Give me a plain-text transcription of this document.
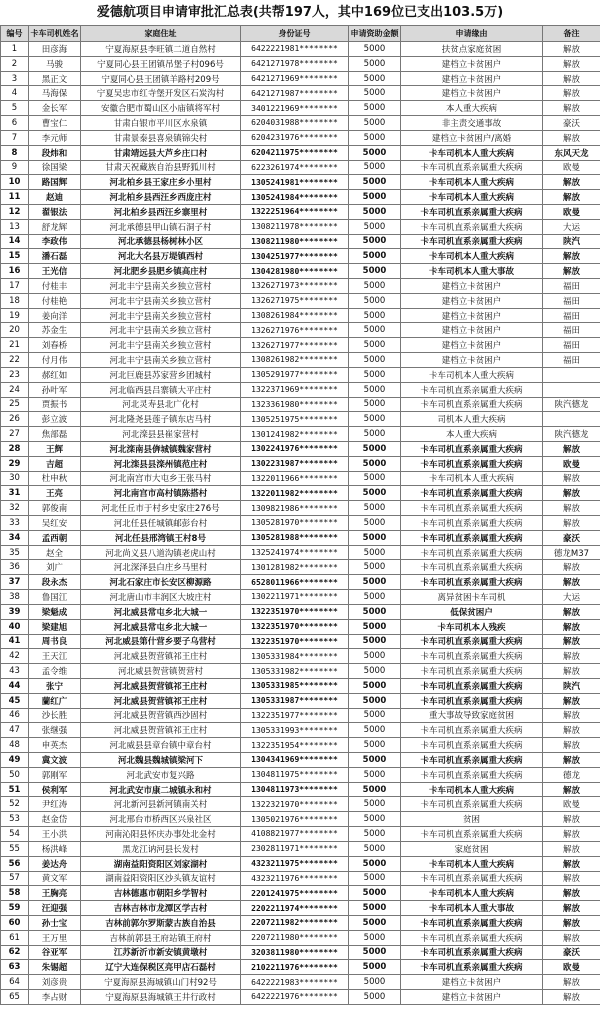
爱德航项目申请审批汇总表(共帮197人，其中169位已支出103.5万)
编号	卡车司机姓名	家庭住址	身份证号	申请资助金额	申请缘由	备注
1	田彦海	宁夏海原县李旺镇二道自然村	6422221981********	5000	扶贫点家庭贫困	解放
2	马骏	宁夏同心县王团镇吊堡子村096号	6421271978********	5000	建档立卡贫困户	解放
3	黑正文	宁夏同心县王团镇羊路村209号	6421271969********	5000	建档立卡贫困户	解放
4	马海保	宁夏吴忠市红寺堡开发区石炭沟村	6421271987********	5000	建档立卡贫困户	解放
5	金长军	安徽合肥市蜀山区小庙镇将军村	3401221969********	5000	本人重大疾病	解放
6	曹宝仁	甘肃白银市平川区水泉镇	6204031988********	5000	非主责交通事故	豪沃
7	李元师	甘肃景泰县喜泉镇锦尖村	6204231976********	5000	建档立卡贫困户/离婚	解放
8	段炜和	甘肃靖远县大芦乡庄口村	6204211975********	5000	卡车司机本人重大疾病	东风天龙
9	徐国梁	甘肃天祝藏族自治县野狐川村	6223261974********	5000	卡车司机直系亲属重大疾病	欧曼
10	路国辉	河北柏乡县王家庄乡小里村	1305241981********	5000	卡车司机本人重大疾病	解放
11	赵迪	河北柏乡县西汪乡西庞庄村	1305241984********	5000	卡车司机本人重大疾病	解放
12	翟银法	河北柏乡县西汪乡寨里村	1322251964********	5000	卡车司机直系亲属重大疾病	欧曼
13	舒龙辉	河北承德县甲山镇石洞子村	1308211978********	5000	卡车司机直系亲属重大疾病	大运
14	李政伟	河北承德县杨树林小区	1308211980********	5000	卡车司机直系亲属重大疾病	陕汽
15	潘石磊	河北大名县万堤镇西村	1304251977********	5000	卡车司机本人重大疾病	解放
16	王光信	河北肥乡县肥乡镇高庄村	1304281980********	5000	卡车司机本人重大事故	解放
17	付桂丰	河北丰宁县南关乡独立营村	1326271973********	5000	建档立卡贫困户	福田
18	付桂艳	河北丰宁县南关乡独立营村	1326271975********	5000	建档立卡贫困户	福田
19	姜向洋	河北丰宁县南关乡独立营村	1308261984********	5000	建档立卡贫困户	福田
20	苏金生	河北丰宁县南关乡独立营村	1326271976********	5000	建档立卡贫困户	福田
21	刘春桥	河北丰宁县南关乡独立营村	1326271977********	5000	建档立卡贫困户	福田
22	付月伟	河北丰宁县南关乡独立营村	1308261982********	5000	建档立卡贫困户	福田
23	郝红如	河北巨鹿县苏家营乡团城村	1305291977********	5000	卡车司机本人重大疾病	
24	孙叶军	河北临西县吕寨镇大平庄村	1322371969********	5000	卡车司机直系亲属重大疾病	
25	贾振书	河北灵寿县北广化村	1323361980********	5000	卡车司机直系亲属重大疾病	陕汽德龙
26	彭立波	河北隆尧县莲子镇东店马村	1305251975********	5000	司机本人重大疾病	
27	焦部磊	河北滦县县崔家营村	1301241982********	5000	本人重大疾病	陕汽德龙
28	王辉	河北滦南县倴城镇魏家营村	1302241976********	5000	卡车司机直系亲属重大疾病	解放
29	吉超	河北滦县县滦州镇范庄村	1302231987********	5000	卡车司机直系亲属重大疾病	欧曼
30	杜申秋	河北南宫市大屯乡王张马村	1322011966********	5000	卡车司机本人重大疾病	解放
31	王亮	河北南宫市高村镇陈搭村	1322011982********	5000	卡车司机直系亲属重大疾病	解放
32	郭俊南	河北任丘市于村乡史家庄276号	1309821986********	5000	卡车司机直系亲属重大疾病	解放
33	吴红安	河北任县任城镇邮彭台村	1305281970********	5000	卡车司机直系亲属重大疾病	解放
34	孟西朝	河北任县邢湾镇王村8号	1305281988********	5000	卡车司机直系亲属重大疾病	豪沃
35	赵全	河北尚义县八道沟镇老虎山村	1325241974********	5000	卡车司机直系亲属重大疾病	德龙M37
36	刘广	河北深泽县白庄乡马里村	1301281982********	5000	卡车司机直系亲属重大疾病	解放
37	段永杰	河北石家庄市长安区柳源路	6528011966********	5000	卡车司机直系亲属重大疾病	解放
38	鲁国江	河北唐山市丰润区大坡庄村	1302211971********	5000	离异贫困卡车司机	大运
39	梁魁成	河北威县常屯乡北大城一	1322351970********	5000	低保贫困户	解放
40	梁建旭	河北威县常屯乡北大城一	1322351970********	5000	卡车司机本人残疾	解放
41	周书良	河北威县第什营乡要子乌营村	1322351970********	5000	卡车司机直系亲属重大疾病	解放
42	王天江	河北威县贺营镇祁王庄村	1305331984********	5000	卡车司机直系亲属重大疾病	解放
43	孟令维	河北威县贺营镇贺营村	1305331982********	5000	卡车司机直系亲属重大疾病	解放
44	张宁	河北威县贺营镇祁王庄村	1305331985********	5000	卡车司机直系亲属重大疾病	陕汽
45	蘭红广	河北威县贺营镇祁王庄村	1305331987********	5000	卡车司机直系亲属重大疾病	解放
46	沙长胜	河北威县贺营镇西沙固村	1322351977********	5000	重大事故导致家庭贫困	解放
47	张继强	河北威县贺营镇祁王庄村	1305331993********	5000	卡车司机直系亲属重大疾病	解放
48	申英杰	河北威县县章台镇中章台村	1322351954********	5000	卡车司机直系亲属重大疾病	解放
49	冀文波	河北魏县魏城镇梁河下	1304341969********	5000	卡车司机直系亲属重大疾病	解放
50	郭刚军	河北武安市复兴路	1304811975********	5000	卡车司机直系亲属重大疾病	德龙
51	侯利军	河北武安市康二城镇永和村	1304811973********	5000	卡车司机本人重大疾病	解放
52	尹红涛	河北新河县新河镇南关村	1322321970********	5000	卡车司机直系亲属重大疾病	欧曼
53	赵金岱	河北邢台市桥西区兴泉社区	1305021976********	5000	贫困	解放
54	王小洪	河南沁阳县怀庆办事处北金村	4108821977********	5000	卡车司机直系亲属重大疾病	解放
55	杨洪峰	黑龙江讷河县长发村	2302811971********	5000	家庭贫困	解放
56	姜达舟	湖南益阳资阳区刘家湖村	4323211975********	5000	卡车司机本人重大疾病	解放
57	黄文军	湖南益阳资阳区沙头镇友谊村	4323211976********	5000	卡车司机直系亲属重大疾病	解放
58	王胸亮	吉林德惠市朝阳乡学智村	2201241975********	5000	卡车司机本人重大疾病	解放
59	汪迎强	吉林吉林市龙潭区学古村	2202211974********	5000	卡车司机本人重大事故	解放
60	孙士宝	吉林前郭尔罗斯蒙古族自治县	2207211982********	5000	卡车司机直系亲属重大疾病	解放
61	王万里	吉林前郭县王府站镇王府村	2207211980********	5000	卡车司机直系亲属重大疾病	解放
62	谷亚军	江苏新沂市新安镇黄墩村	3203811980********	5000	卡车司机直系亲属重大疾病	豪沃
63	朱锡超	辽宁大连保税区亮甲店石磊村	2102211976********	5000	卡车司机直系亲属重大疾病	欧曼
64	刘彦贵	宁夏海原县海城镇山门村92号	6422221983********	5000	建档立卡贫困户	解放
65	李占财	宁夏海原县海城镇王井行政村	6422221976********	5000	建档立卡贫困户	解放
